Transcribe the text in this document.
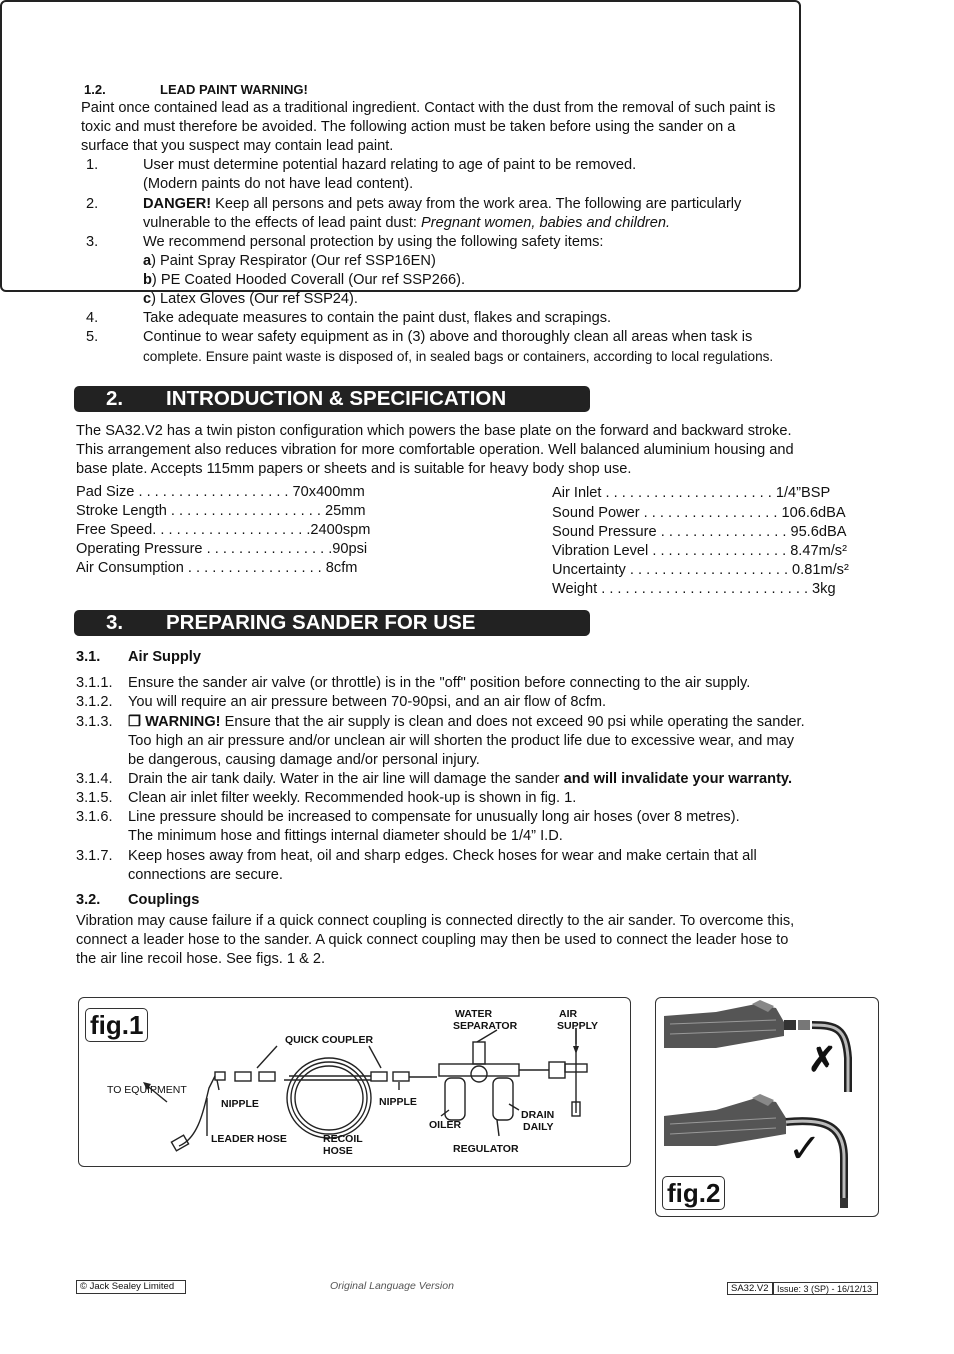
1.2.	LEAD PAINT WARNING!
Paint once contained lead as a traditional ingredient. Contact with the dust from the removal of such paint is
toxic and must therefore be avoided. The following action must be taken before using the sander on a
surface that you suspect may contain lead paint.
1.	User must determine potential hazard relating to age of paint to be removed.
(Modern paints do not have lead content).
2.	DANGER! Keep all persons and pets away from the work area. The following are particularly
vulnerable to the effects of lead paint dust: Pregnant women, babies and children.
3.	We recommend personal protection by using the following safety items:
a) Paint Spray Respirator (Our ref SSP16EN)
b) PE Coated Hooded Coverall (Our ref SSP266).
c) Latex Gloves (Our ref SSP24).
4.	Take adequate measures to contain the paint dust, flakes and scrapings.
5.	Continue to wear safety equipment as in (3) above and thoroughly clean all areas when task is
complete. Ensure paint waste is disposed of, in sealed bags or containers, according to local regulations.
2. INTRODUCTION & SPECIFICATION
The SA32.V2 has a twin piston configuration which powers the base plate on the forward and backward stroke.
This arrangement also reduces vibration for more comfortable operation. Well balanced aluminium housing and
base plate. Accepts 115mm papers or sheets and is suitable for heavy body shop use.
Pad Size . . . . . . . . . . . . . . . . . . . 70x400mm
Stroke Length . . . . . . . . . . . . . . . . . . . 25mm
Free Speed. . . . . . . . . . . . . . . . . . . .2400spm
Operating Pressure . . . . . . . . . . . . . . . .90psi
Air Consumption . . . . . . . . . . . . . . . . . 8cfm
Air Inlet . . . . . . . . . . . . . . . . . . . . . 1/4”BSP
Sound Power . . . . . . . . . . . . . . . . . 106.6dBA
Sound Pressure . . . . . . . . . . . . . . . . 95.6dBA
Vibration Level . . . . . . . . . . . . . . . . . 8.47m/s²
Uncertainty . . . . . . . . . . . . . . . . . . . . 0.81m/s²
Weight . . . . . . . . . . . . . . . . . . . . . . . . . . 3kg
3. PREPARING SANDER FOR USE
3.1. Air Supply
3.1.1. Ensure the sander air valve (or throttle) is in the "off" position before connecting to the air supply.
3.1.2. You will require an air pressure between 70-90psi, and an air flow of 8cfm.
3.1.3. ❒ WARNING! Ensure that the air supply is clean and does not exceed 90 psi while operating the sander.
Too high an air pressure and/or unclean air will shorten the product life due to excessive wear, and may
be dangerous, causing damage and/or personal injury.
3.1.4. Drain the air tank daily. Water in the air line will damage the sander and will invalidate your warranty.
3.1.5. Clean air inlet filter weekly. Recommended hook-up is shown in fig. 1.
3.1.6. Line pressure should be increased to compensate for unusually long air hoses (over 8 metres).
The minimum hose and fittings internal diameter should be 1/4” I.D.
3.1.7. Keep hoses away from heat, oil and sharp edges. Check hoses for wear and make certain that all
connections are secure.
3.2. Couplings
Vibration may cause failure if a quick connect coupling is connected directly to the air sander. To overcome this,
connect a leader hose to the sander. A quick connect coupling may then be used to connect the leader hose to
the air line recoil hose. See figs. 1 & 2.
fig.1
TO EQUIPMENT
NIPPLE
LEADER HOSE
QUICK COUPLER
RECOIL
HOSE
NIPPLE
WATER
SEPARATOR
OILER
REGULATOR
AIR
SUPPLY
DRAIN
DAILY
✗
✓
fig.2
© Jack Sealey Limited	Original Language Version	SA32.V2 Issue: 3 (SP) - 16/12/13
